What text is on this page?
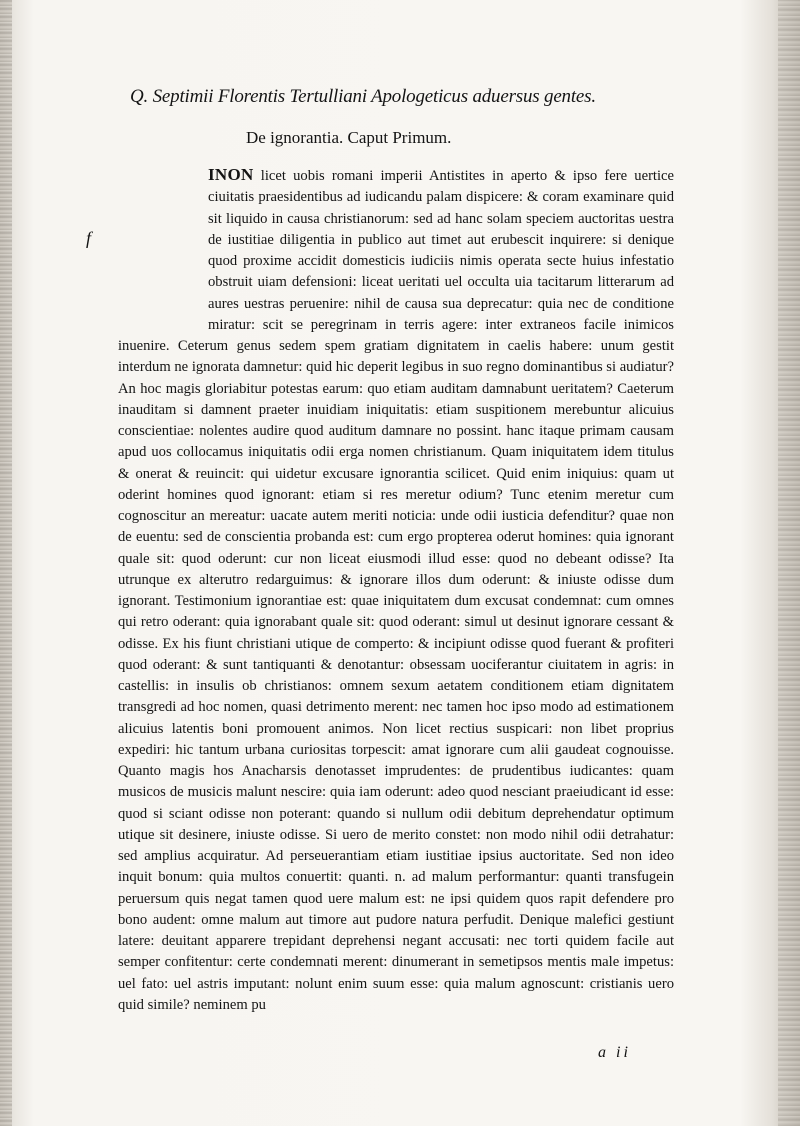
Q. Septimii Florentis Tertulliani Apologeticus aduersus gentes.
De ignorantia. Caput Primum.
f
INON licet uobis romani imperii Antistites in aperto & ipso fere uertice ciuitatis praesidentibus ad iudicandu palam dispicere: & coram examinare quid sit liquido in causa christianorum: sed ad hanc solam speciem auctoritas uestra de iustitiae diligentia in publico aut timet aut erubescit inquirere: si denique quod proxime accidit domesticis iudiciis nimis operata secte huius infestatio obstruit uiam defensioni: liceat ueritati uel occulta uia tacitarum litterarum ad aures uestras peruenire: nihil de causa sua deprecatur: quia nec de conditione miratur: scit se peregrinam in terris agere: inter extraneos facile inimicos inuenire. Ceterum genus sedem spem gratiam dignitatem in caelis habere: unum gestit interdum ne ignorata damnetur: quid hic deperit legibus in suo regno dominantibus si audiatur? An hoc magis gloriabitur potestas earum: quo etiam auditam damnabunt ueritatem? Caeterum inauditam si damnent praeter inuidiam iniquitatis: etiam suspitionem merebuntur alicuius conscientiae: nolentes audire quod auditum damnare no possint. hanc itaque primam causam apud uos collocamus iniquitatis odii erga nomen christianum. Quam iniquitatem idem titulus & onerat & reuincit: qui uidetur excusare ignorantia scilicet. Quid enim iniquius: quam ut oderint homines quod ignorant: etiam si res meretur odium? Tunc etenim meretur cum cognoscitur an mereatur: uacate autem meriti noticia: unde odii iusticia defenditur? quae non de euentu: sed de conscientia probanda est: cum ergo propterea oderut homines: quia ignorant quale sit: quod oderunt: cur non liceat eiusmodi illud esse: quod no debeant odisse? Ita utrunque ex alterutro redarguimus: & ignorare illos dum oderunt: & iniuste odisse dum ignorant. Testimonium ignorantiae est: quae iniquitatem dum excusat condemnat: cum omnes qui retro oderant: quia ignorabant quale sit: quod oderant: simul ut desinut ignorare cessant & odisse. Ex his fiunt christiani utique de comperto: & incipiunt odisse quod fuerant & profiteri quod oderant: & sunt tantiquanti & denotantur: obsessam uociferantur ciuitatem in agris: in castellis: in insulis ob christianos: omnem sexum aetatem conditionem etiam dignitatem transgredi ad hoc nomen, quasi detrimento merent: nec tamen hoc ipso modo ad estimationem alicuius latentis boni promouent animos. Non licet rectius suspicari: non libet proprius expediri: hic tantum urbana curiositas torpescit: amat ignorare cum alii gaudeat cognouisse. Quanto magis hos Anacharsis denotasset imprudentes: de prudentibus iudicantes: quam musicos de musicis malunt nescire: quia iam oderunt: adeo quod nesciant praeiudicant id esse: quod si sciant odisse non poterant: quando si nullum odii debitum deprehendatur optimum utique sit desinere, iniuste odisse. Si uero de merito constet: non modo nihil odii detrahatur: sed amplius acquiratur. Ad perseuerantiam etiam iustitiae ipsius auctoritate. Sed non ideo inquit bonum: quia multos conuertit: quanti. n. ad malum performantur: quanti transfugein peruersum quis negat tamen quod uere malum est: ne ipsi quidem quos rapit defendere pro bono audent: omne malum aut timore aut pudore natura perfudit. Denique malefici gestiunt latere: deuitant apparere trepidant deprehensi negant accusati: nec torti quidem facile aut semper confitentur: certe condemnati merent: dinumerant in semetipsos mentis male impetus: uel fato: uel astris imputant: nolunt enim suum esse: quia malum agnoscunt: cristianis uero quid simile? neminem pu
a ii
